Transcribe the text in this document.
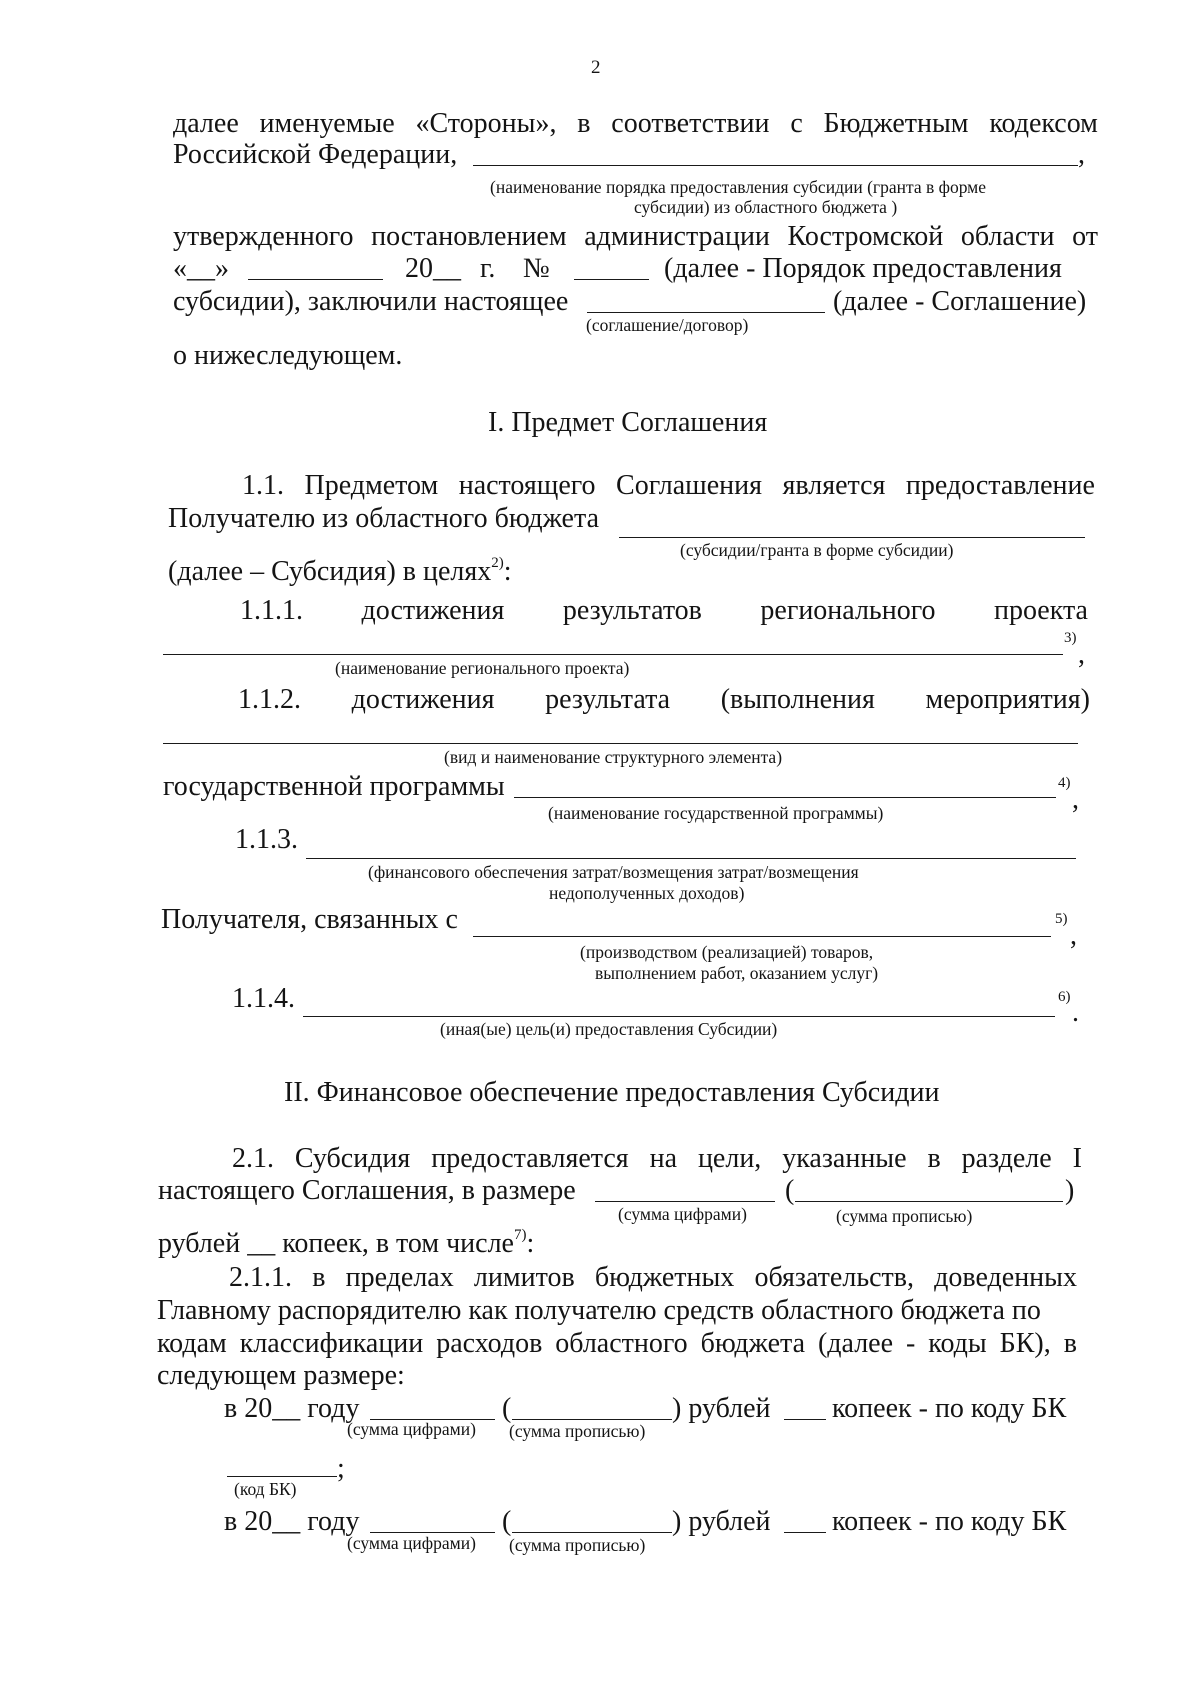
2
далее именуемые «Стороны», в соответствии с Бюджетным кодексом
Российской Федерации,	,
(наименование порядка предоставления субсидии (гранта в форме
субсидии) из областного бюджета )
утвержденного постановлением администрации Костромской области от
«__»	20__ г. №	(далее - Порядок предоставления
субсидии), заключили настоящее	(далее - Соглашение)
(соглашение/договор)
о нижеследующем.
I. Предмет Соглашения
1.1. Предметом настоящего Соглашения является предоставление
Получателю из областного бюджета
(субсидии/гранта в форме субсидии)
(далее – Субсидия) в целях$^{2)}$:
1.1.1. достижения результатов регионального проекта
3)
,
(наименование регионального проекта)
1.1.2. достижения результата (выполнения мероприятия)
(вид и наименование структурного элемента)
государственной программы	4)
,
(наименование государственной программы)
1.1.3.
(финансового обеспечения затрат/возмещения затрат/возмещения
недополученных доходов)
Получателя, связанных с	5)
,
(производством (реализацией) товаров,
выполнением работ, оказанием услуг)
1.1.4.	6) .
(иная(ые) цель(и) предоставления Субсидии)
II. Финансовое обеспечение предоставления Субсидии
2.1. Субсидия предоставляется на цели, указанные в разделе I
настоящего Соглашения, в размере	(	)
(сумма цифрами)	(сумма прописью)
рублей __ копеек, в том числе$^{7)}$:
2.1.1. в пределах лимитов бюджетных обязательств, доведенных
Главному распорядителю как получателю средств областного бюджета по
кодам классификации расходов областного бюджета (далее - коды БК), в
следующем размере:
в 20__ году	(	) рублей копеек - по коду БК
(сумма цифрами) (сумма прописью)
;
(код БК)
в 20__ году	(	) рублей копеек - по коду БК
(сумма цифрами) (сумма прописью)
